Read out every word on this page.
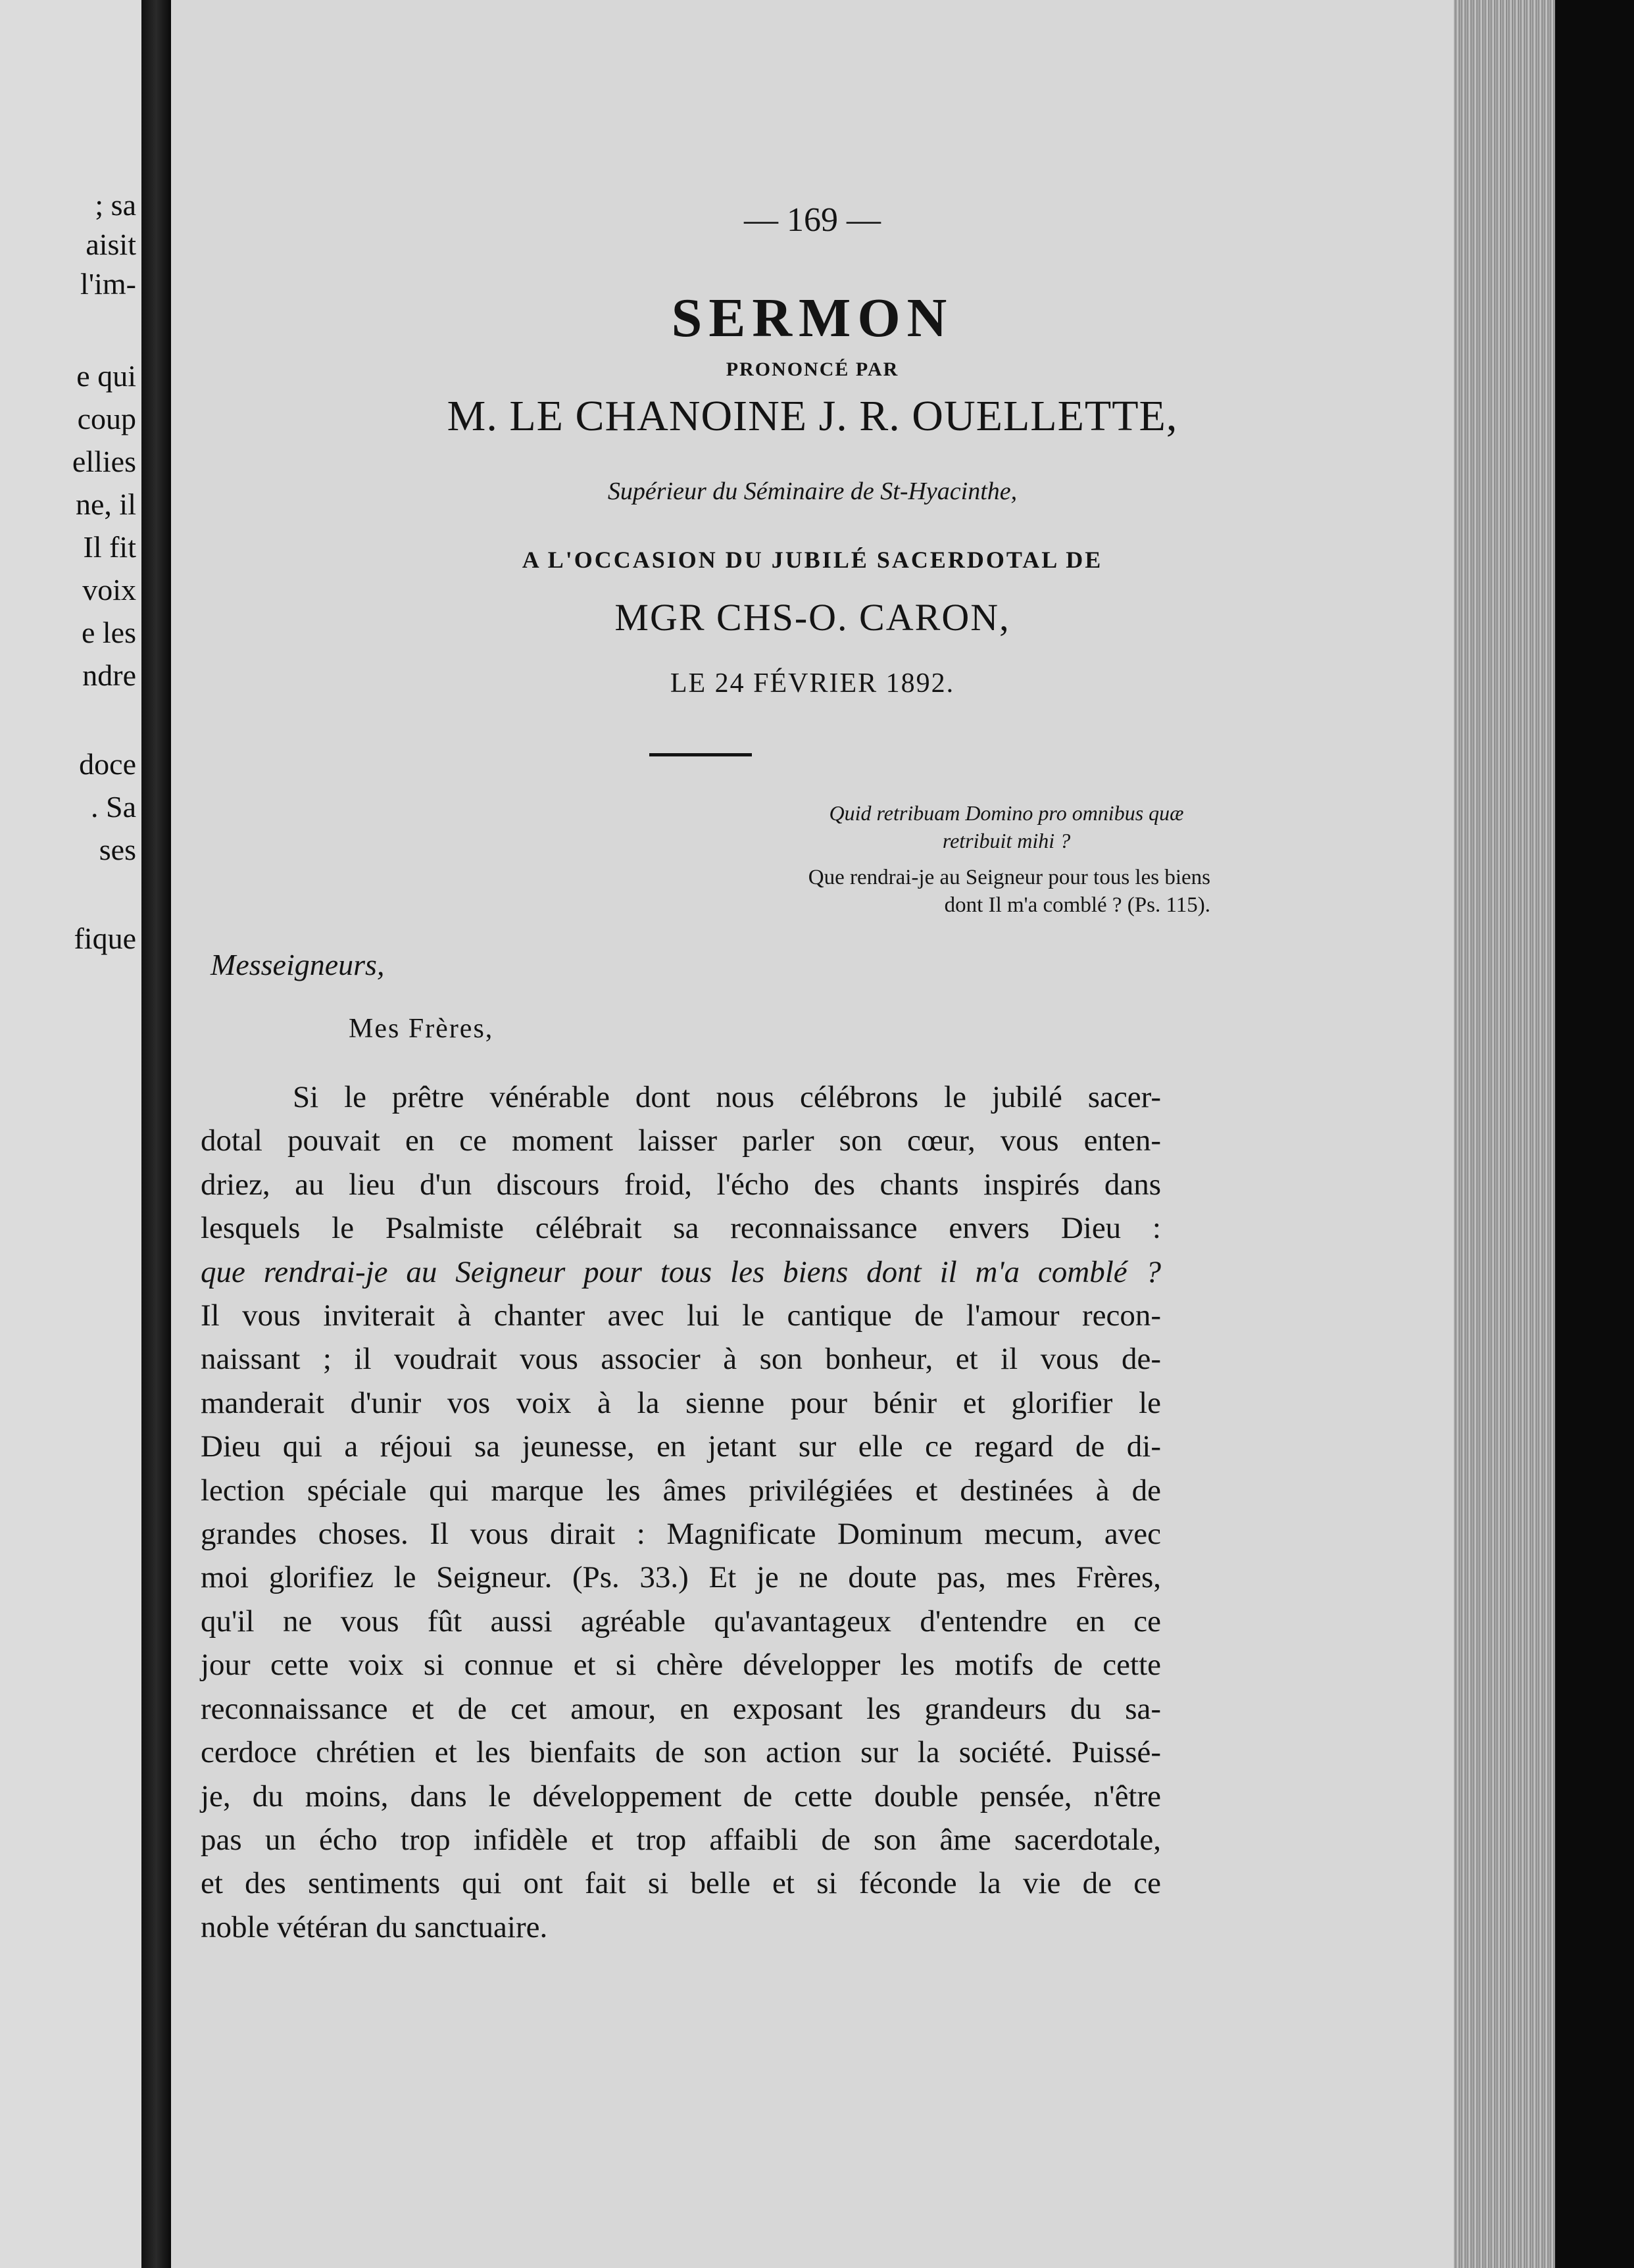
; sa
aisit
l'im-
e qui
coup
ellies
ne, il
Il fit
voix
e les
ndre
doce
. Sa
ses
fique
— 169 —
SERMON
PRONONCÉ PAR
M. LE CHANOINE J. R. OUELLETTE,
Supérieur du Séminaire de St-Hyacinthe,
A L'OCCASION DU JUBILÉ SACERDOTAL DE
MGR CHS-O. CARON,
LE 24 FÉVRIER 1892.
Quid retribuam Domino pro omnibus quæ retribuit mihi ?
Que rendrai-je au Seigneur pour tous les biens dont Il m'a comblé ? (Ps. 115).
Messeigneurs,
Mes Frères,
Si le prêtre vénérable dont nous célébrons le jubilé sacer-
dotal pouvait en ce moment laisser parler son cœur, vous enten-
driez, au lieu d'un discours froid, l'écho des chants inspirés dans
lesquels le Psalmiste célébrait sa reconnaissance envers Dieu :
que rendrai-je au Seigneur pour tous les biens dont il m'a comblé ?
Il vous inviterait à chanter avec lui le cantique de l'amour recon-
naissant ; il voudrait vous associer à son bonheur, et il vous de-
manderait d'unir vos voix à la sienne pour bénir et glorifier le
Dieu qui a réjoui sa jeunesse, en jetant sur elle ce regard de di-
lection spéciale qui marque les âmes privilégiées et destinées à de
grandes choses. Il vous dirait : Magnificate Dominum mecum, avec
moi glorifiez le Seigneur. (Ps. 33.) Et je ne doute pas, mes Frères,
qu'il ne vous fût aussi agréable qu'avantageux d'entendre en ce
jour cette voix si connue et si chère développer les motifs de cette
reconnaissance et de cet amour, en exposant les grandeurs du sa-
cerdoce chrétien et les bienfaits de son action sur la société. Puissé-
je, du moins, dans le développement de cette double pensée, n'être
pas un écho trop infidèle et trop affaibli de son âme sacerdotale,
et des sentiments qui ont fait si belle et si féconde la vie de ce
noble vétéran du sanctuaire.
